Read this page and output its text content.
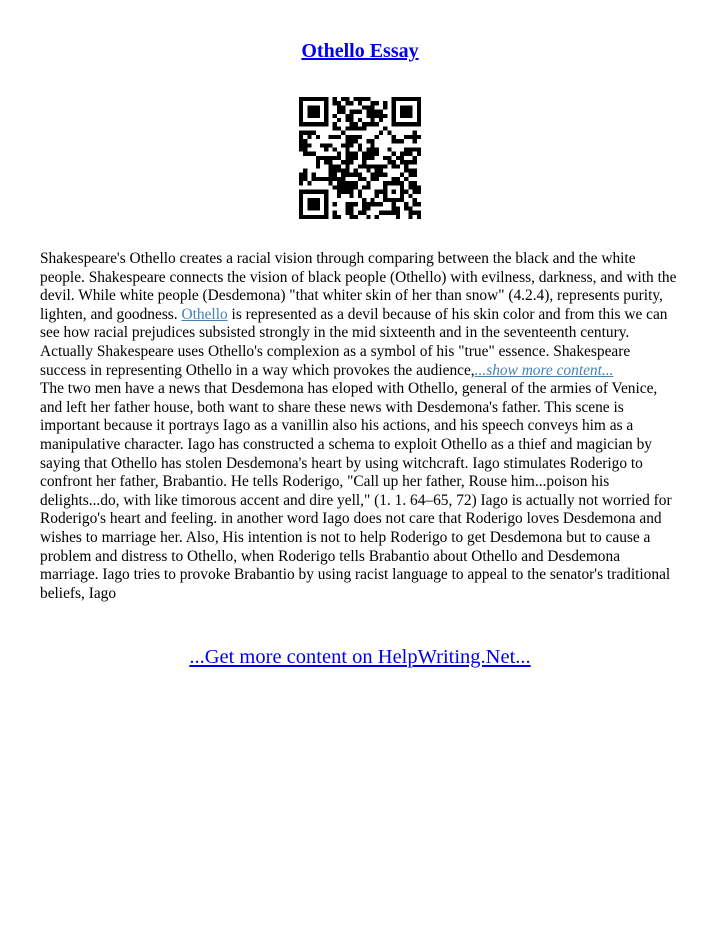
Othello Essay

Shakespeare's Othello creates a racial vision through comparing between the black and the white people. Shakespeare connects the vision of black people (Othello) with evilness, darkness, and with the devil. While white people (Desdemona) "that whiter skin of her than snow" (4.2.4), represents purity, lighten, and goodness. Othello is represented as a devil because of his skin color and from this we can see how racial prejudices subsisted strongly in the mid sixteenth and in the seventeenth century. Actually Shakespeare uses Othello's complexion as a symbol of his "true" essence. Shakespeare success in representing Othello in a way which provokes the audience,...show more content...
The two men have a news that Desdemona has eloped with Othello, general of the armies of Venice, and left her father house, both want to share these news with Desdemona's father. This scene is important because it portrays Iago as a vanillin also his actions, and his speech conveys him as a manipulative character. Iago has constructed a schema to exploit Othello as a thief and magician by saying that Othello has stolen Desdemona's heart by using witchcraft. Iago stimulates Roderigo to confront her father, Brabantio. He tells Roderigo, "Call up her father, Rouse him...poison his delights...do, with like timorous accent and dire yell," (1. 1. 64–65, 72) Iago is actually not worried for Roderigo's heart and feeling. in another word Iago does not care that Roderigo loves Desdemona and wishes to marriage her. Also, His intention is not to help Roderigo to get Desdemona but to cause a problem and distress to Othello, when Roderigo tells Brabantio about Othello and Desdemona marriage. Iago tries to provoke Brabantio by using racist language to appeal to the senator's traditional beliefs, Iago

...Get more content on HelpWriting.Net...
